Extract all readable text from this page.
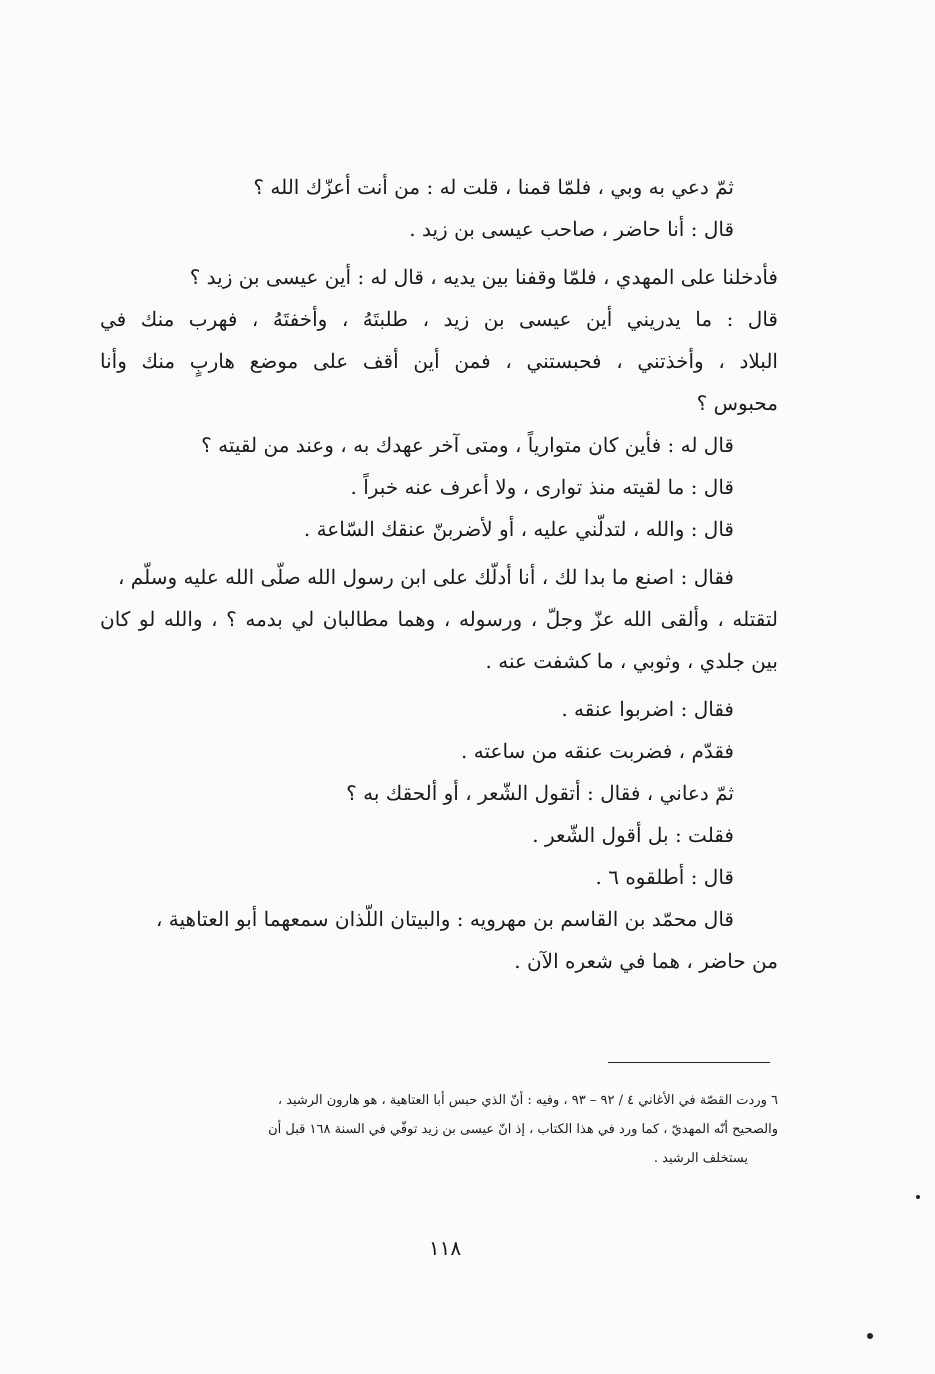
ثمّ دعي به وبي ، فلمّا قمنا ، قلت له : من أنت أعزّك الله ؟
قال : أنا حاضر ، صاحب عيسى بن زيد .
فأدخلنا على المهدي ، فلمّا وقفنا بين يديه ، قال له : أين عيسى بن زيد ؟
قال : ما يدريني أين عيسى بن زيد ، طلبتَهُ ، وأخفتَهُ ، فهرب منك في
البلاد ، وأخذتني ، فحبستني ، فمن أين أقف على موضع هاربٍ منك وأنا
محبوس ؟
قال له : فأين كان متوارياً ، ومتى آخر عهدك به ، وعند من لقيته ؟
قال : ما لقيته منذ توارى ، ولا أعرف عنه خبراً .
قال : والله ، لتدلّني عليه ، أو لأضربنّ عنقك السّاعة .
فقال : اصنع ما بدا لك ، أنا أدلّك على ابن رسول الله صلّى الله عليه وسلّم ،
لتقتله ، وألقى الله عزّ وجلّ ، ورسوله ، وهما مطالبان لي بدمه ؟ ، والله لو كان
بين جلدي ، وثوبي ، ما كشفت عنه .
فقال : اضربوا عنقه .
فقدّم ، فضربت عنقه من ساعته .
ثمّ دعاني ، فقال : أتقول الشّعر ، أو ألحقك به ؟
فقلت : بل أقول الشّعر .
قال : أطلقوه ٦ .
قال محمّد بن القاسم بن مهرويه : والبيتان اللّذان سمعهما أبو العتاهية ،
من حاضر ، هما في شعره الآن .
٦ وردت القصّة في الأغاني ٤ / ٩٢ – ٩٣ ، وفيه : أنّ الذي حبس أبا العتاهية ، هو هارون الرشيد ،
والصحيح أنّه المهديّ ، كما ورد في هذا الكتاب ، إذ انّ عيسى بن زيد توفّي في السنة ١٦٨ قبل أن
يستخلف الرشيد .
١١٨
